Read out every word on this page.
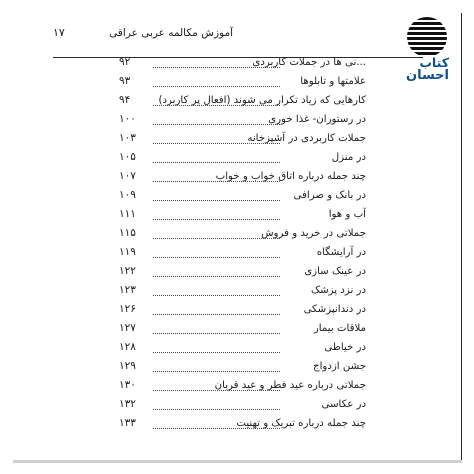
آموزش مکالمه عربی عراقی
۱۷
کتاب
احسان
...نی ها در جملات کاربردی
۹۲
علامتها و تابلوها
۹۳
کارهایی که زیاد تکرار می شوند (افعال پر کاربرد)
۹۴
در رستوران- غذا خوری
۱۰۰
جملات کاربردی در آشپزخانه
۱۰۳
در منزل
۱۰۵
چند جمله درباره اتاق خواب و خواب
۱۰۷
در بانک و صرافی
۱۰۹
آب و هوا
۱۱۱
جملاتی در خرید و فروش
۱۱۵
در آرایشگاه
۱۱۹
در عینک سازی
۱۲۲
در نزد پزشک
۱۲۳
در دندانپزشکی
۱۲۶
ملاقات بیمار
۱۲۷
در خیاطی
۱۲۸
جشن ازدواج
۱۲۹
جملاتی درباره عید فطر و عید قربان
۱۳۰
در عکاسی
۱۳۲
چند جمله درباره تبریک و تهنیت
۱۳۳
